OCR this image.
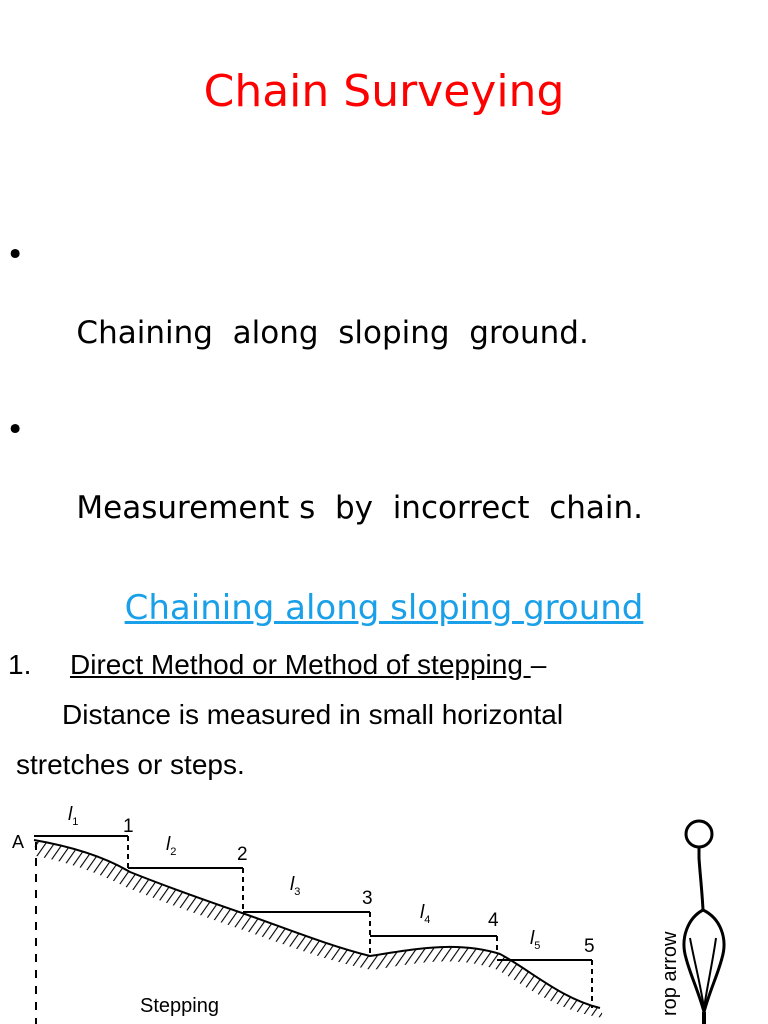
Chain Surveying

•

Chaining  along  sloping  ground.

•

Measurement s  by  incorrect  chain.

Chaining along sloping ground
1. Direct Method or Method of stepping –
Distance is measured in small horizontal
stretches or steps.
A
1
2
3
4
5
$l_1$
$l_2$
$l_3$
$l_4$
$l_5$
Stepping	rop arrow
